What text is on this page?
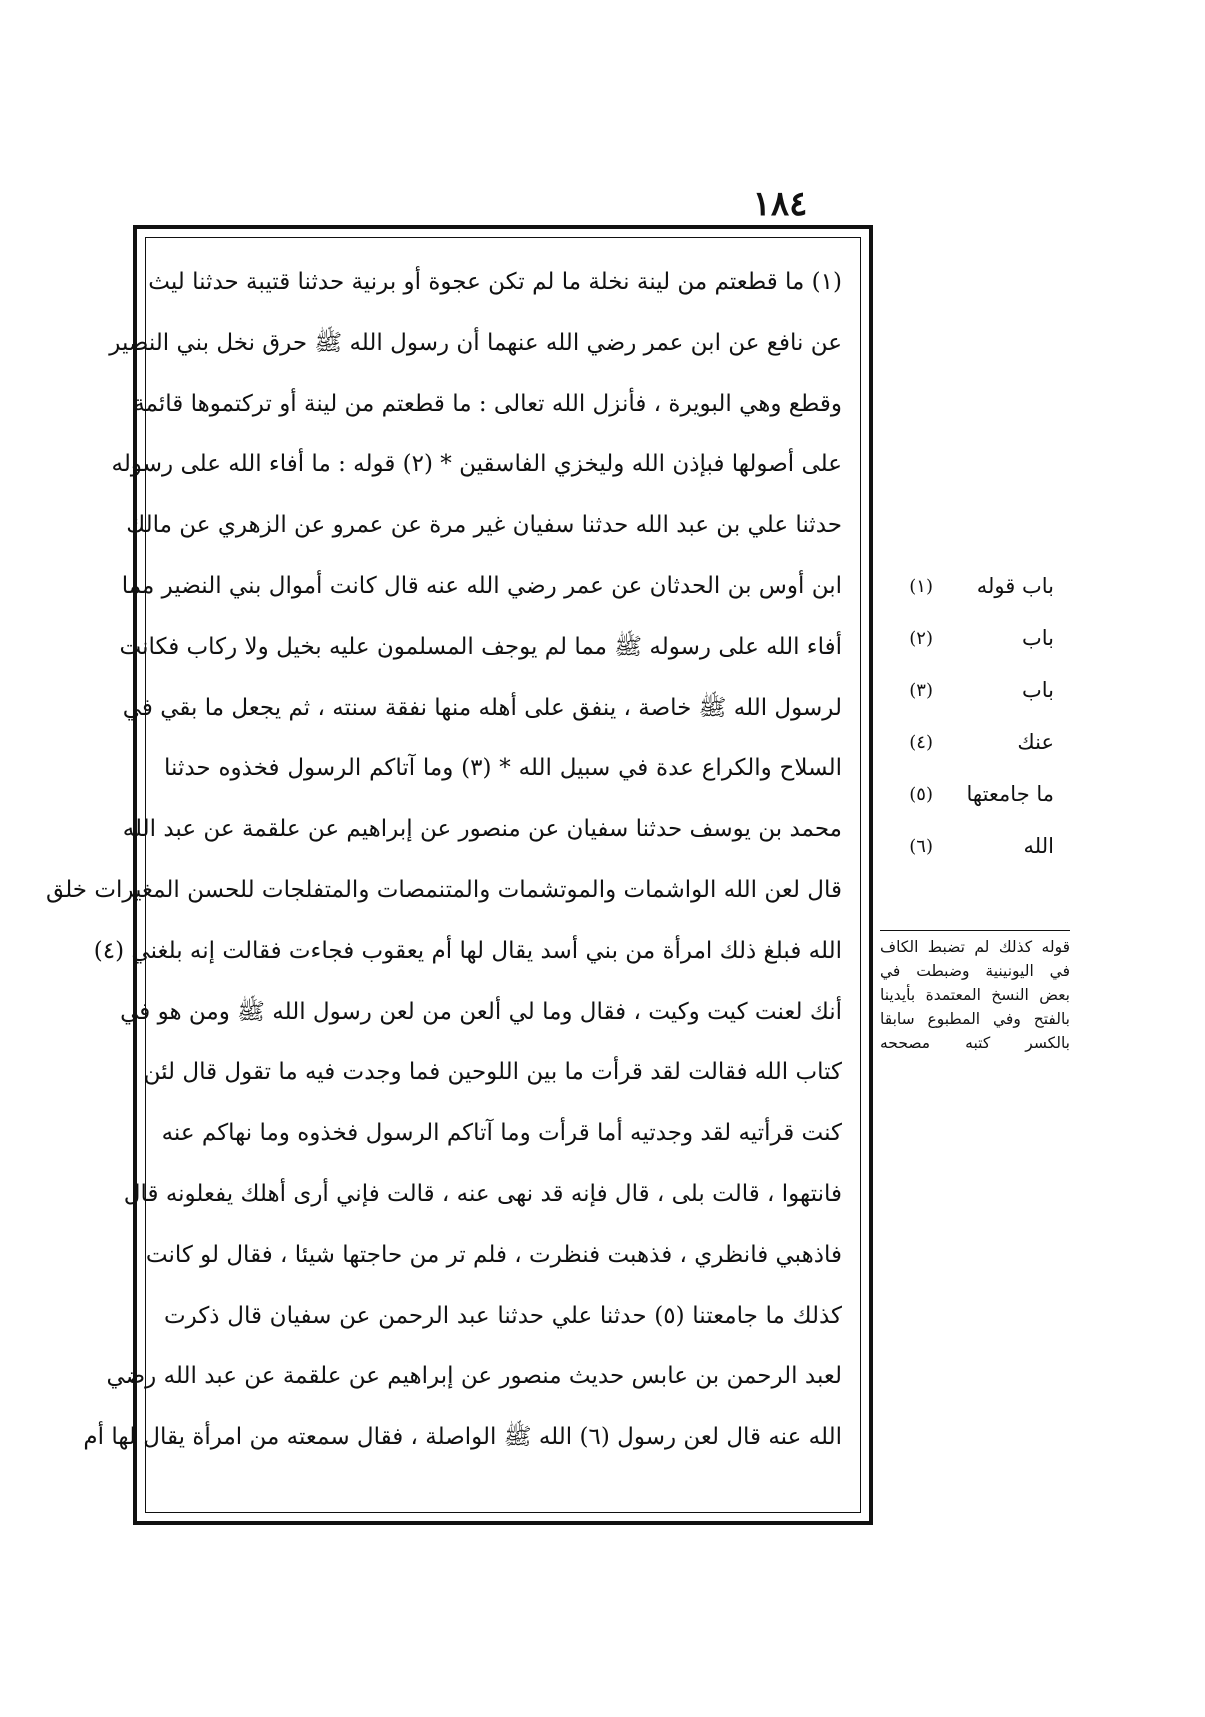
١٨٤
(١) ما قطعتم من لينة نخلة ما لم تكن عجوة أو برنية حدثنا قتيبة حدثنا ليث
عن نافع عن ابن عمر رضي الله عنهما أن رسول الله ﷺ حرق نخل بني النضير
وقطع وهي البويرة ، فأنزل الله تعالى : ما قطعتم من لينة أو تركتموها قائمة
على أصولها فبإذن الله وليخزي الفاسقين * (٢) قوله : ما أفاء الله على رسوله
حدثنا علي بن عبد الله حدثنا سفيان غير مرة عن عمرو عن الزهري عن مالك
ابن أوس بن الحدثان عن عمر رضي الله عنه قال كانت أموال بني النضير مما
أفاء الله على رسوله ﷺ مما لم يوجف المسلمون عليه بخيل ولا ركاب فكانت
لرسول الله ﷺ خاصة ، ينفق على أهله منها نفقة سنته ، ثم يجعل ما بقي في
السلاح والكراع عدة في سبيل الله * (٣) وما آتاكم الرسول فخذوه حدثنا
محمد بن يوسف حدثنا سفيان عن منصور عن إبراهيم عن علقمة عن عبد الله
قال لعن الله الواشمات والموتشمات والمتنمصات والمتفلجات للحسن المغيرات خلق
الله فبلغ ذلك امرأة من بني أسد يقال لها أم يعقوب فجاءت فقالت إنه بلغني (٤)
أنك لعنت كيت وكيت ، فقال وما لي ألعن من لعن رسول الله ﷺ ومن هو في
كتاب الله فقالت لقد قرأت ما بين اللوحين فما وجدت فيه ما تقول قال لئن
كنت قرأتيه لقد وجدتيه أما قرأت وما آتاكم الرسول فخذوه وما نهاكم عنه
فانتهوا ، قالت بلى ، قال فإنه قد نهى عنه ، قالت فإني أرى أهلك يفعلونه قال
فاذهبي فانظري ، فذهبت فنظرت ، فلم تر من حاجتها شيئا ، فقال لو كانت
كذلك ما جامعتنا (٥) حدثنا علي حدثنا عبد الرحمن عن سفيان قال ذكرت
لعبد الرحمن بن عابس حديث منصور عن إبراهيم عن علقمة عن عبد الله رضي
الله عنه قال لعن رسول (٦) الله ﷺ الواصلة ، فقال سمعته من امرأة يقال لها أم
باب قوله
(١)
باب
(٢)
باب
(٣)
عنك
(٤)
ما جامعتها
(٥)
الله
(٦)
قوله كذلك لم تضبط الكاف
في اليونينية وضبطت في
بعض النسخ المعتمدة بأيدينا
بالفتح وفي المطبوع سابقا
بالكسر كتبه مصححه
